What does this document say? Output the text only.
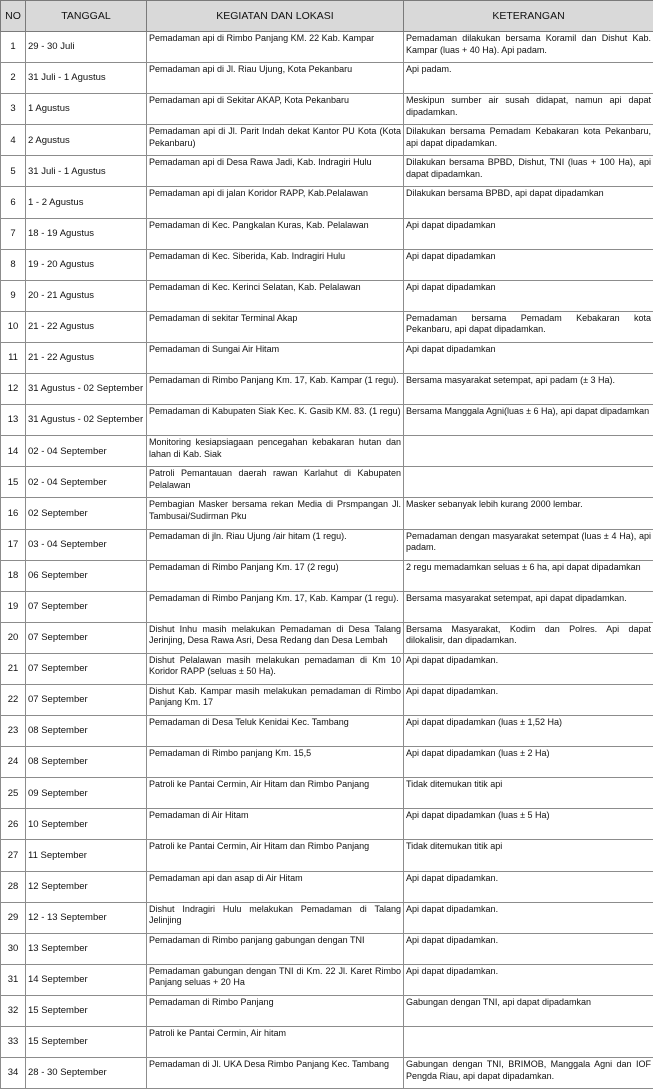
NO	TANGGAL	KEGIATAN DAN LOKASI	KETERANGAN
1	29 - 30 Juli	Pemadaman api di Rimbo Panjang KM. 22 Kab. Kampar	Pemadaman dilakukan bersama Koramil dan Dishut Kab. Kampar (luas + 40 Ha). Api padam.
2	31 Juli - 1 Agustus	Pemadaman api di Jl. Riau Ujung, Kota Pekanbaru	Api padam.
3	1 Agustus	Pemadaman api di Sekitar AKAP, Kota Pekanbaru	Meskipun sumber air susah didapat, namun api dapat dipadamkan.
4	2 Agustus	Pemadaman api di Jl. Parit Indah dekat Kantor PU Kota (Kota Pekanbaru)	Dilakukan bersama Pemadam Kebakaran kota Pekanbaru, api dapat dipadamkan.
5	31 Juli - 1 Agustus	Pemadaman api di Desa Rawa Jadi, Kab. Indragiri Hulu	Dilakukan bersama BPBD, Dishut, TNI (luas + 100 Ha), api dapat dipadamkan.
6	1 - 2 Agustus	Pemadaman api di jalan Koridor RAPP, Kab.Pelalawan	Dilakukan bersama BPBD, api dapat dipadamkan
7	18 - 19 Agustus	Pemadaman di Kec. Pangkalan Kuras, Kab. Pelalawan	Api dapat dipadamkan
8	19 - 20 Agustus	Pemadaman di Kec. Siberida, Kab. Indragiri Hulu	Api dapat dipadamkan
9	20 - 21 Agustus	Pemadaman di Kec. Kerinci Selatan, Kab. Pelalawan	Api dapat dipadamkan
10	21 - 22 Agustus	Pemadaman di sekitar Terminal Akap	Pemadaman bersama Pemadam Kebakaran kota Pekanbaru, api dapat dipadamkan.
11	21 - 22 Agustus	Pemadaman di Sungai Air Hitam	Api dapat dipadamkan
12	31 Agustus - 02 September	Pemadaman di Rimbo Panjang Km. 17, Kab. Kampar (1 regu).	Bersama masyarakat setempat, api padam (± 3 Ha).
13	31 Agustus - 02 September	Pemadaman di Kabupaten Siak Kec. K. Gasib KM. 83. (1 regu)	Bersama Manggala Agni(luas ± 6 Ha), api dapat dipadamkan
14	02 - 04 September	Monitoring kesiapsiagaan pencegahan kebakaran hutan dan lahan di Kab. Siak	
15	02 - 04 September	Patroli Pemantauan daerah rawan Karlahut di Kabupaten Pelalawan	
16	02 September	Pembagian Masker bersama rekan Media di Prsmpangan Jl. Tambusai/Sudirman Pku	Masker sebanyak lebih kurang 2000 lembar.
17	03 - 04 September	Pemadaman di jln. Riau Ujung /air hitam (1 regu).	Pemadaman dengan masyarakat setempat (luas ± 4 Ha), api padam.
18	06 September	Pemadaman di Rimbo Panjang Km. 17 (2 regu)	2 regu memadamkan seluas ± 6 ha, api dapat dipadamkan
19	07 September	Pemadaman di Rimbo Panjang Km. 17, Kab. Kampar (1 regu).	Bersama masyarakat setempat, api dapat dipadamkan.
20	07 September	Dishut Inhu masih melakukan Pemadaman di Desa Talang Jerinjing, Desa Rawa Asri, Desa Redang dan Desa Lembah	Bersama Masyarakat, Kodim dan Polres. Api dapat dilokalisir, dan dipadamkan.
21	07 September	Dishut Pelalawan masih melakukan pemadaman di Km 10 Koridor RAPP (seluas ± 50 Ha).	Api dapat dipadamkan.
22	07 September	Dishut Kab. Kampar masih melakukan pemadaman di Rimbo Panjang Km. 17	Api dapat dipadamkan.
23	08 September	Pemadaman di Desa Teluk Kenidai Kec. Tambang	Api dapat dipadamkan (luas ± 1,52 Ha)
24	08 September	Pemadaman di Rimbo panjang Km. 15,5	Api dapat dipadamkan (luas ± 2 Ha)
25	09 September	Patroli ke Pantai Cermin, Air Hitam dan Rimbo Panjang	Tidak ditemukan titik api
26	10 September	Pemadaman di Air Hitam	Api dapat dipadamkan (luas ± 5 Ha)
27	11 September	Patroli ke Pantai Cermin, Air Hitam dan Rimbo Panjang	Tidak ditemukan titik api
28	12 September	Pemadaman api dan asap di Air Hitam	Api dapat dipadamkan.
29	12 - 13 September	Dishut Indragiri Hulu melakukan Pemadaman di Talang Jelinjing	Api dapat dipadamkan.
30	13 September	Pemadaman di Rimbo panjang gabungan dengan TNI	Api dapat dipadamkan.
31	14 September	Pemadaman gabungan dengan TNI di Km. 22 Jl. Karet Rimbo Panjang seluas + 20 Ha	Api dapat dipadamkan.
32	15 September	Pemadaman di Rimbo Panjang	Gabungan dengan TNI, api dapat dipadamkan
33	15 September	Patroli ke Pantai Cermin, Air hitam	
34	28 - 30 September	Pemadaman di Jl. UKA Desa Rimbo Panjang Kec. Tambang	Gabungan dengan TNI, BRIMOB, Manggala Agni dan IOF Pengda Riau, api dapat dipadamkan.
